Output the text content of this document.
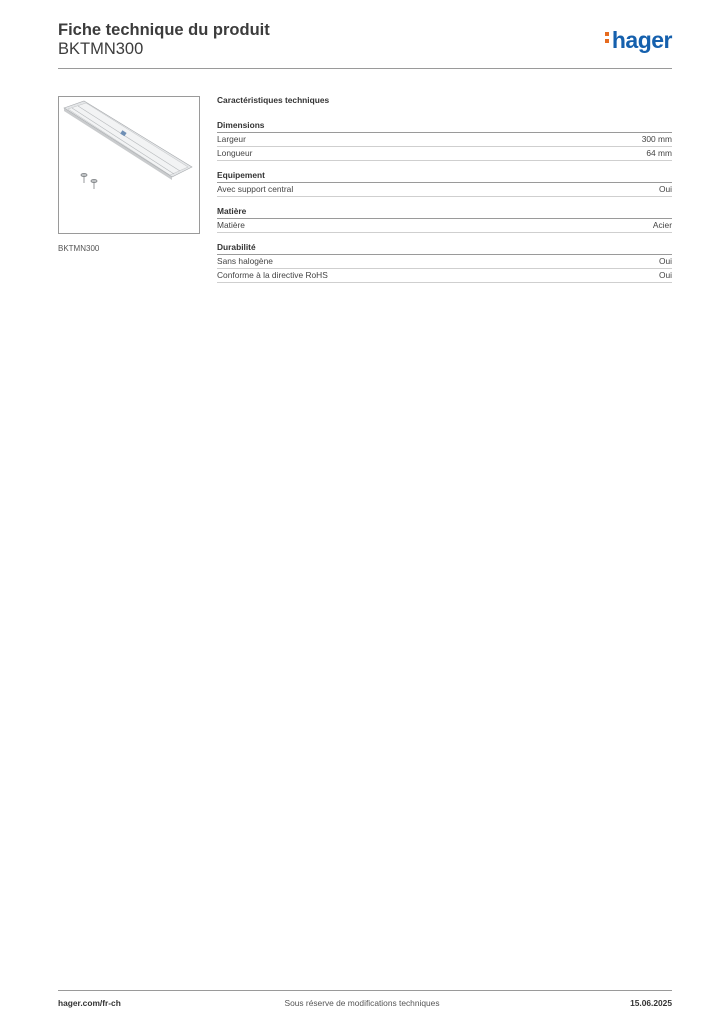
Fiche technique du produit
BKTMN300	hager
BKTMN300
Caractéristiques techniques
Dimensions
Largeur	300 mm
Longueur	64 mm
Equipement
Avec support central	Oui
Matière
Matière	Acier
Durabilité
Sans halogène	Oui
Conforme à la directive RoHS	Oui
hager.com/fr-ch	Sous réserve de modifications techniques	15.06.2025
